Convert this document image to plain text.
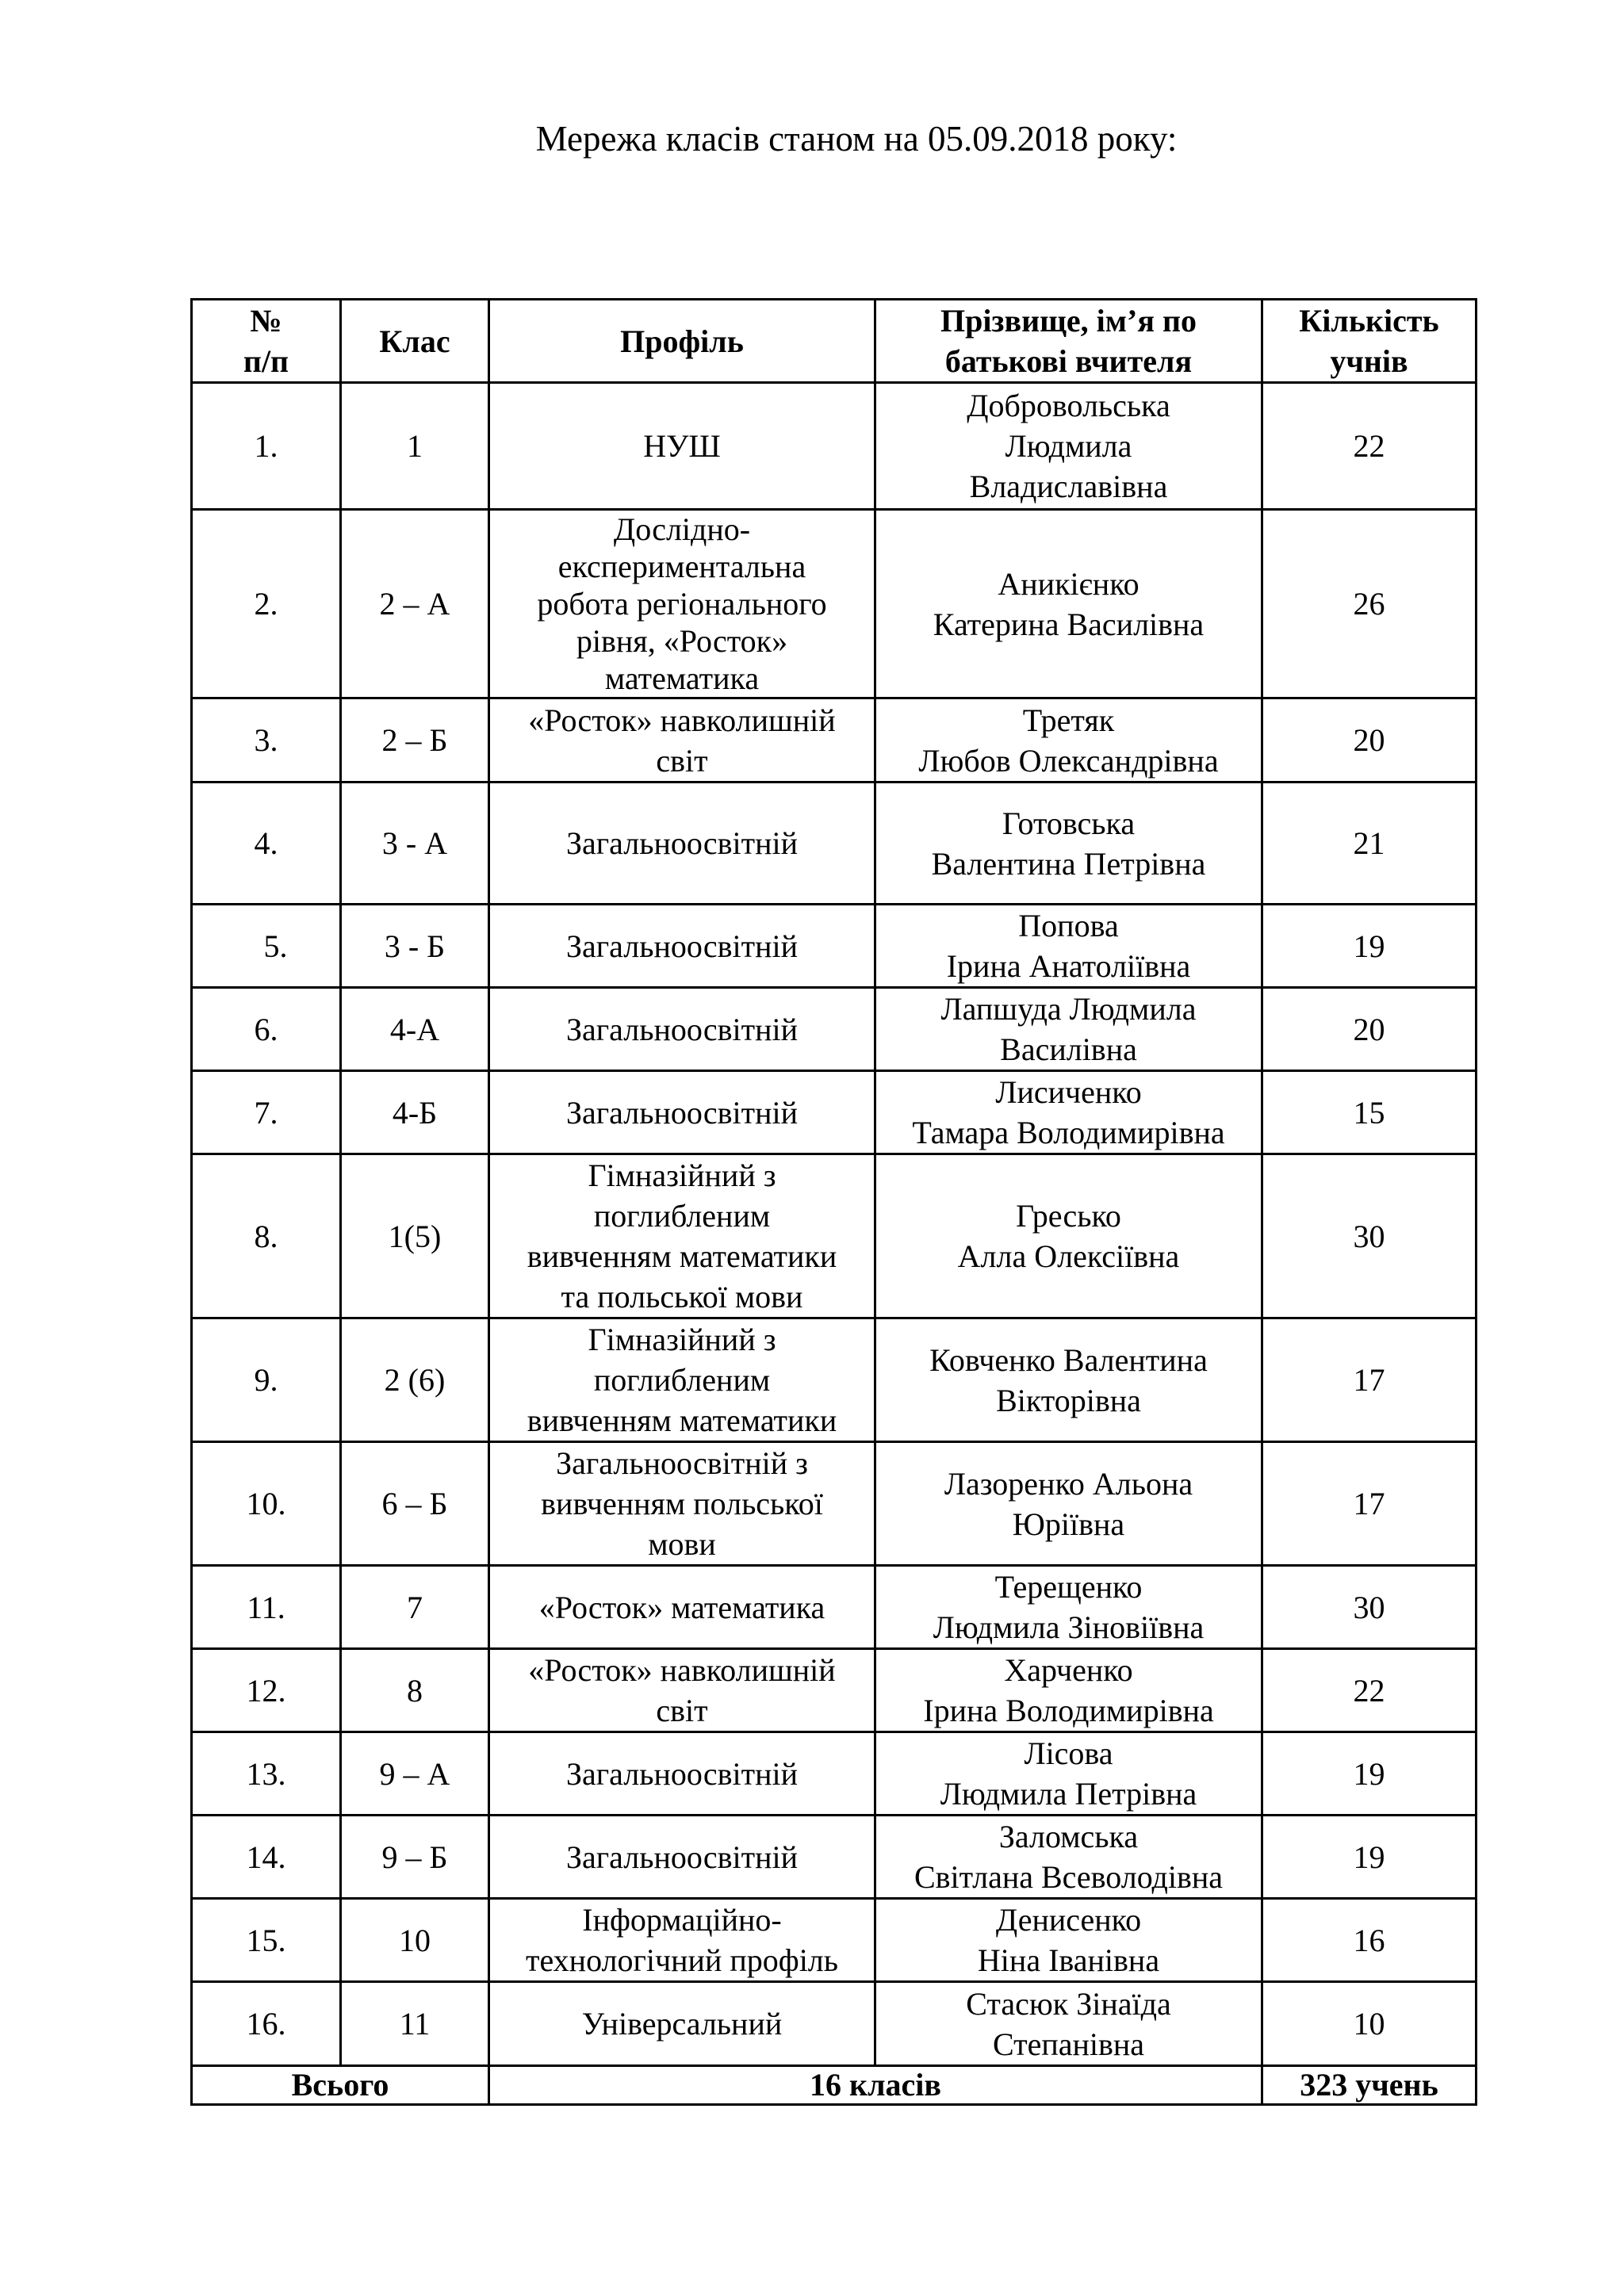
Мережа класів станом на 05.09.2018 року:
№
п/п	Клас	Профіль	Прізвище, ім’я по
батькові вчителя	Кількість
учнів
1.	1	НУШ	Добровольська
Людмила
Владиславівна	22
2.	2 – А	Дослідно-
експериментальна
робота регіонального
рівня, «Росток»
математика	Аникієнко
Катерина Василівна	26
3.	2 – Б	«Росток» навколишній
світ	Третяк
Любов Олександрівна	20
4.	3 - А	Загальноосвітній	Готовська
Валентина Петрівна	21
5.	3 - Б	Загальноосвітній	Попова
Ірина Анатоліївна	19
6.	4-А	Загальноосвітній	Лапшуда Людмила
Василівна	20
7.	4-Б	Загальноосвітній	Лисиченко
Тамара Володимирівна	15
8.	1(5)	Гімназійний з
поглибленим
вивченням математики
та польської мови	Гресько
Алла Олексіївна	30
9.	2 (6)	Гімназійний з
поглибленим
вивченням математики	Ковченко Валентина
Вікторівна	17
10.	6 – Б	Загальноосвітній з
вивченням польської
мови	Лазоренко Альона
Юріївна	17
11.	7	«Росток» математика	Терещенко
Людмила Зіновіївна	30
12.	8	«Росток» навколишній
світ	Харченко
Ірина Володимирівна	22
13.	9 – А	Загальноосвітній	Лісова
Людмила Петрівна	19
14.	9 – Б	Загальноосвітній	Заломська
Світлана Всеволодівна	19
15.	10	Інформаційно-
технологічний профіль	Денисенко
Ніна Іванівна	16
16.	11	Універсальний	Стасюк Зінаїда
Степанівна	10
Всього		16 класів		323 учень
